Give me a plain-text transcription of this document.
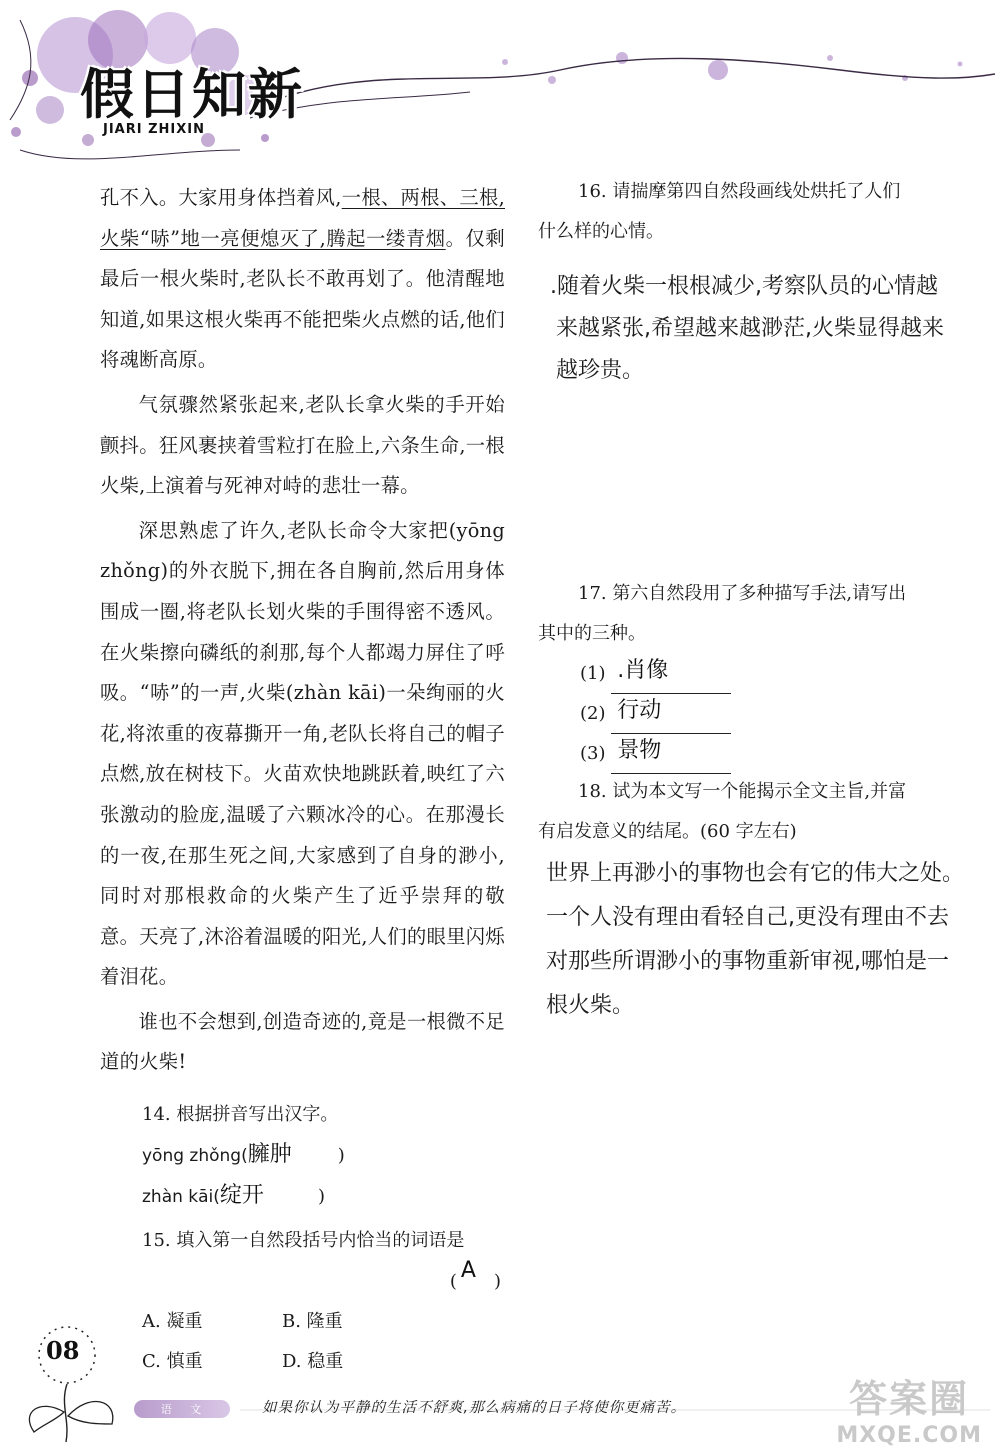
假日知新
JIARI ZHIXIN

孔不入。大家用身体挡着风,一根、两根、三根,火柴“哧”地一亮便熄灭了,腾起一缕青烟。仅剩最后一根火柴时,老队长不敢再划了。他清醒地知道,如果这根火柴再不能把柴火点燃的话,他们将魂断高原。

气氛骤然紧张起来,老队长拿火柴的手开始颤抖。狂风裹挟着雪粒打在脸上,六条生命,一根火柴,上演着与死神对峙的悲壮一幕。

深思熟虑了许久,老队长命令大家把(yōng zhǒng)的外衣脱下,拥在各自胸前,然后用身体围成一圈,将老队长划火柴的手围得密不透风。在火柴擦向磷纸的刹那,每个人都竭力屏住了呼吸。“哧”的一声,火柴(zhàn kāi)一朵绚丽的火花,将浓重的夜幕撕开一角,老队长将自己的帽子点燃,放在树枝下。火苗欢快地跳跃着,映红了六张激动的脸庞,温暖了六颗冰冷的心。在那漫长的一夜,在那生死之间,大家感到了自身的渺小,同时对那根救命的火柴产生了近乎崇拜的敬意。天亮了,沐浴着温暖的阳光,人们的眼里闪烁着泪花。

谁也不会想到,创造奇迹的,竟是一根微不足道的火柴!

14. 根据拼音写出汉字。

yōng zhǒng(臃肿	)

zhàn kāi(绽开	)

15. 填入第一自然段括号内恰当的词语是

( A )

A. 凝重	B. 隆重
C. 慎重	D. 稳重

16. 请揣摩第四自然段画线处烘托了人们

什么样的心情。

.随着火柴一根根减少,考察队员的心情越

来越紧张,希望越来越渺茫,火柴显得越来

越珍贵。

17. 第六自然段用了多种描写手法,请写出

其中的三种。

(1) .肖像

(2) 行动

(3) 景物

18. 试为本文写一个能揭示全文主旨,并富

有启发意义的结尾。(60 字左右)

世界上再渺小的事物也会有它的伟大之处。

一个人没有理由看轻自己,更没有理由不去

对那些所谓渺小的事物重新审视,哪怕是一

根火柴。

08
语   文	如果你认为平静的生活不舒爽,那么病痛的日子将使你更痛苦。	答案圈
MXQE.COM
